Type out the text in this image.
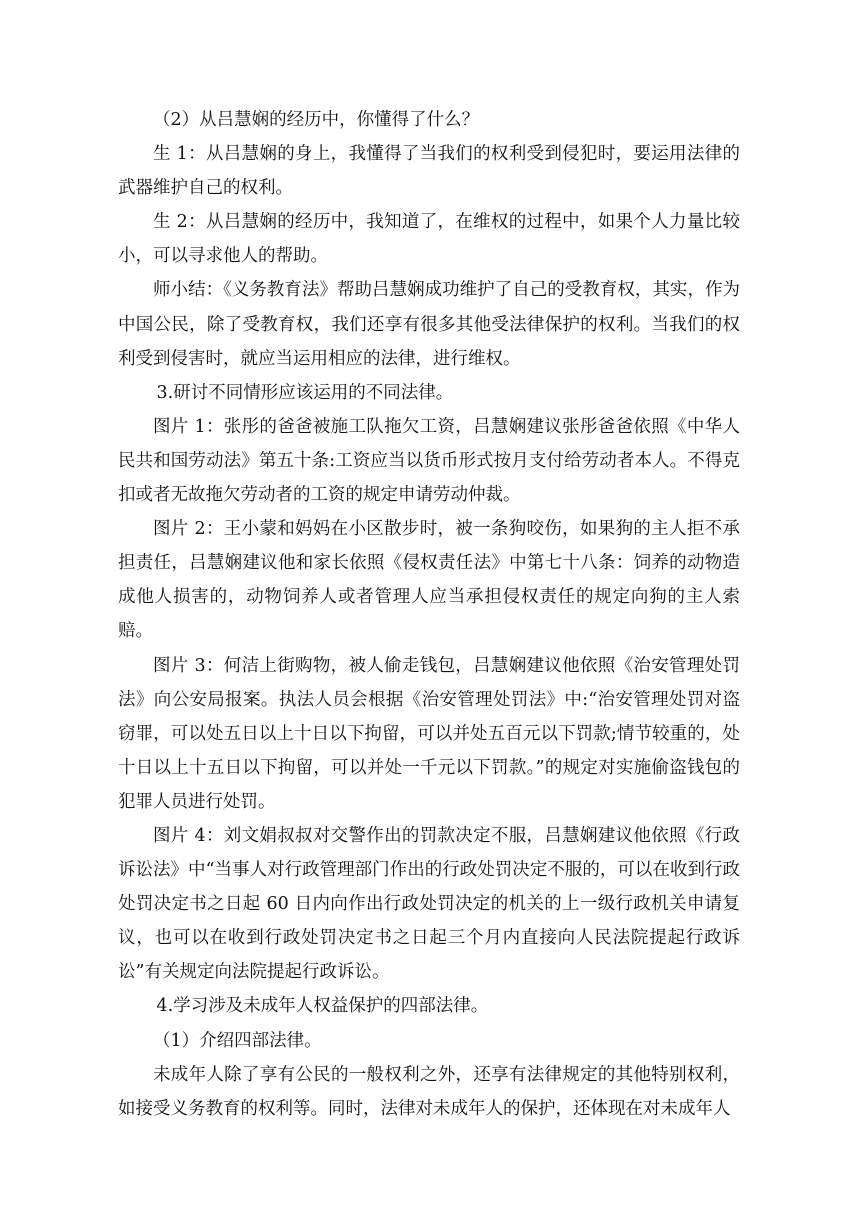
（2）从吕慧娴的经历中，你懂得了什么？

生 1：从吕慧娴的身上，我懂得了当我们的权利受到侵犯时，要运用法律的武器维护自己的权利。

生 2：从吕慧娴的经历中，我知道了，在维权的过程中，如果个人力量比较小，可以寻求他人的帮助。

师小结：《义务教育法》帮助吕慧娴成功维护了自己的受教育权，其实，作为中国公民，除了受教育权，我们还享有很多其他受法律保护的权利。当我们的权利受到侵害时，就应当运用相应的法律，进行维权。

3.研讨不同情形应该运用的不同法律。

图片 1：张彤的爸爸被施工队拖欠工资，吕慧娴建议张彤爸爸依照《中华人民共和国劳动法》第五十条:工资应当以货币形式按月支付给劳动者本人。不得克扣或者无故拖欠劳动者的工资的规定申请劳动仲裁。

图片 2：王小蒙和妈妈在小区散步时，被一条狗咬伤，如果狗的主人拒不承担责任，吕慧娴建议他和家长依照《侵权责任法》中第七十八条：饲养的动物造成他人损害的，动物饲养人或者管理人应当承担侵权责任的规定向狗的主人索赔。

图片 3：何洁上街购物，被人偷走钱包，吕慧娴建议他依照《治安管理处罚法》向公安局报案。执法人员会根据《治安管理处罚法》中:“治安管理处罚对盗窃罪，可以处五日以上十日以下拘留，可以并处五百元以下罚款;情节较重的，处十日以上十五日以下拘留，可以并处一千元以下罚款。”的规定对实施偷盗钱包的犯罪人员进行处罚。

图片 4：刘文娟叔叔对交警作出的罚款决定不服，吕慧娴建议他依照《行政诉讼法》中“当事人对行政管理部门作出的行政处罚决定不服的，可以在收到行政处罚决定书之日起 60 日内向作出行政处罚决定的机关的上一级行政机关申请复议，也可以在收到行政处罚决定书之日起三个月内直接向人民法院提起行政诉讼”有关规定向法院提起行政诉讼。

4.学习涉及未成年人权益保护的四部法律。

（1）介绍四部法律。

未成年人除了享有公民的一般权利之外，还享有法律规定的其他特别权利，如接受义务教育的权利等。同时，法律对未成年人的保护，还体现在对未成年人
